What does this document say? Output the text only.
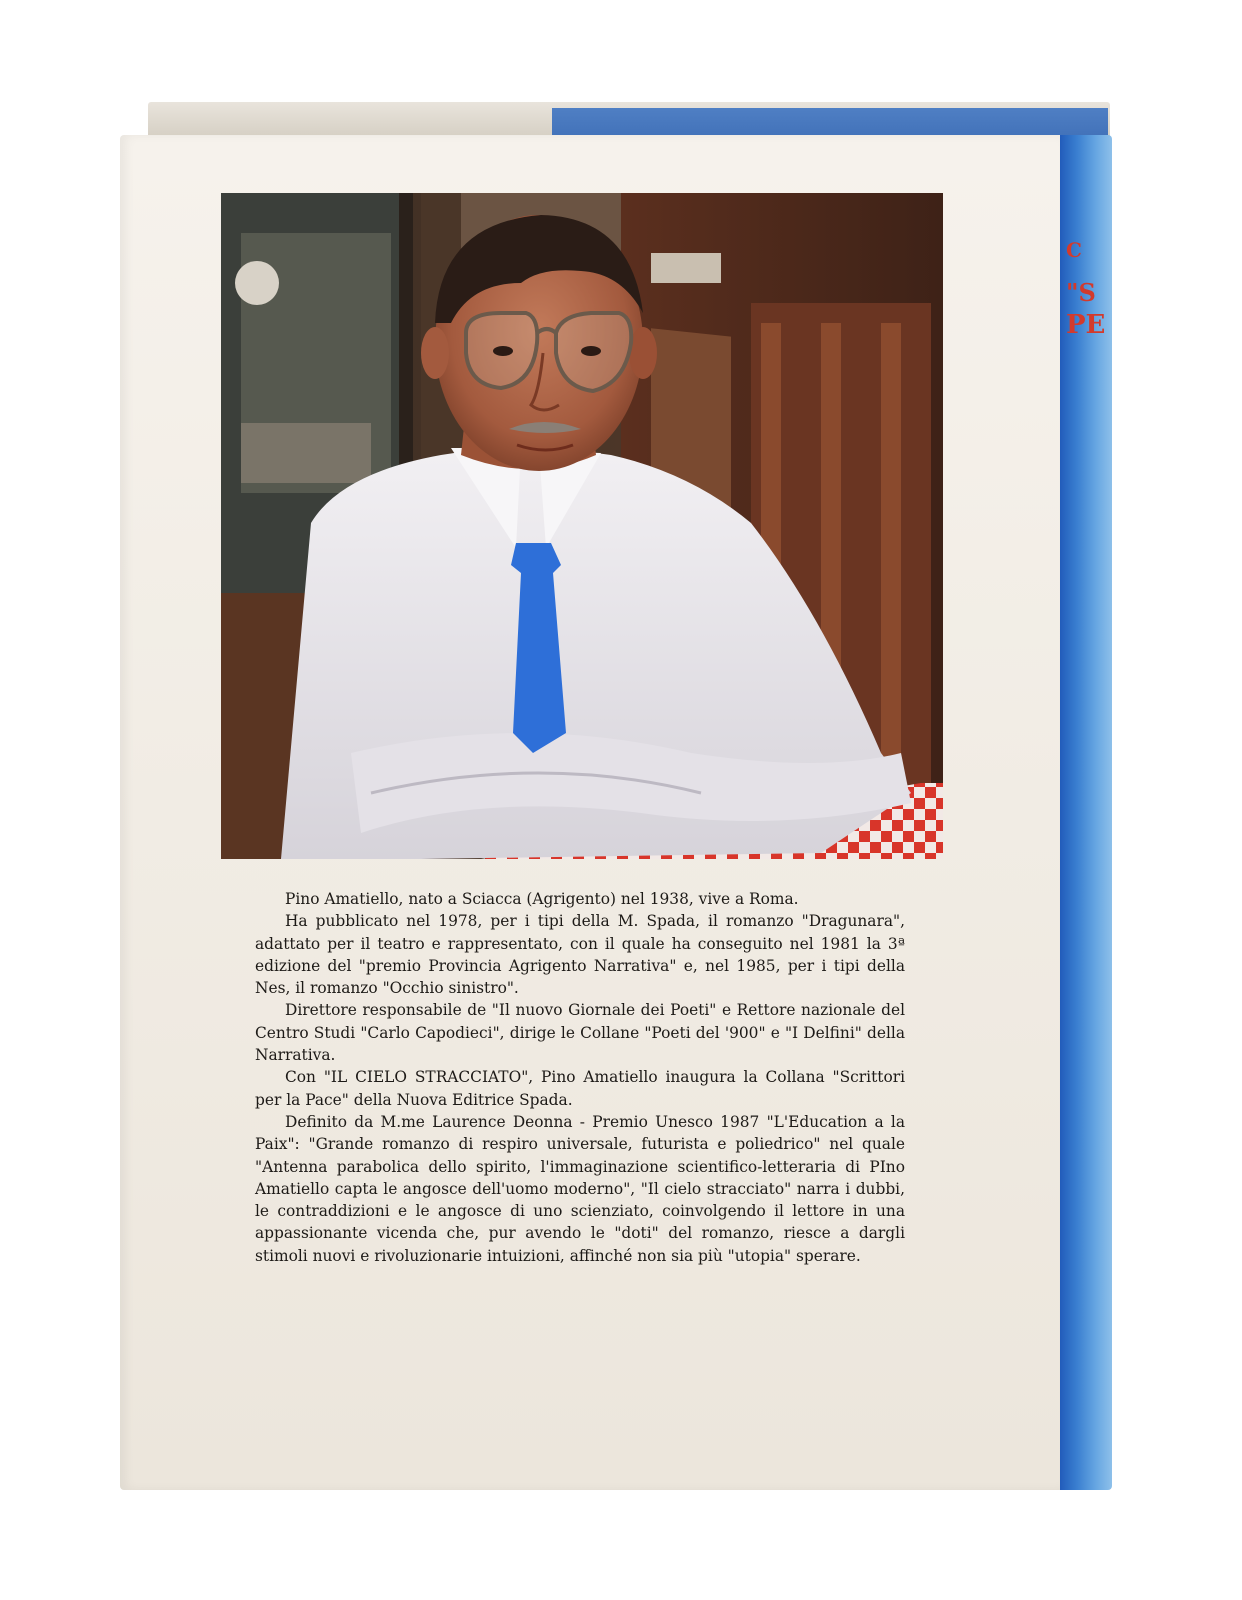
C
"S
PE

Pino Amatiello, nato a Sciacca (Agrigento) nel 1938, vive a Roma.

Ha pubblicato nel 1978, per i tipi della M. Spada, il romanzo "Dragunara", adattato per il teatro e rappresentato, con il quale ha conseguito nel 1981 la 3ª edizione del "premio Provincia Agrigento Narrativa" e, nel 1985, per i tipi della Nes, il romanzo "Occhio sinistro".

Direttore responsabile de "Il nuovo Giornale dei Poeti" e Rettore nazionale del Centro Studi "Carlo Capodieci", dirige le Collane "Poeti del '900" e "I Delfini" della Narrativa.

Con "IL CIELO STRACCIATO", Pino Amatiello inaugura la Collana "Scrittori per la Pace" della Nuova Editrice Spada.

Definito da M.me Laurence Deonna - Premio Unesco 1987 "L'Education a la Paix": "Grande romanzo di respiro universale, futurista e poliedrico" nel quale "Antenna parabolica dello spirito, l'immaginazione scientifico-letteraria di PIno Amatiello capta le angosce dell'uomo moderno", "Il cielo stracciato" narra i dubbi, le contraddizioni e le angosce di uno scienziato, coinvolgendo il lettore in una appassionante vicenda che, pur avendo le "doti" del romanzo, riesce a dargli stimoli nuovi e rivoluzionarie intuizioni, affinché non sia più "utopia" sperare.
